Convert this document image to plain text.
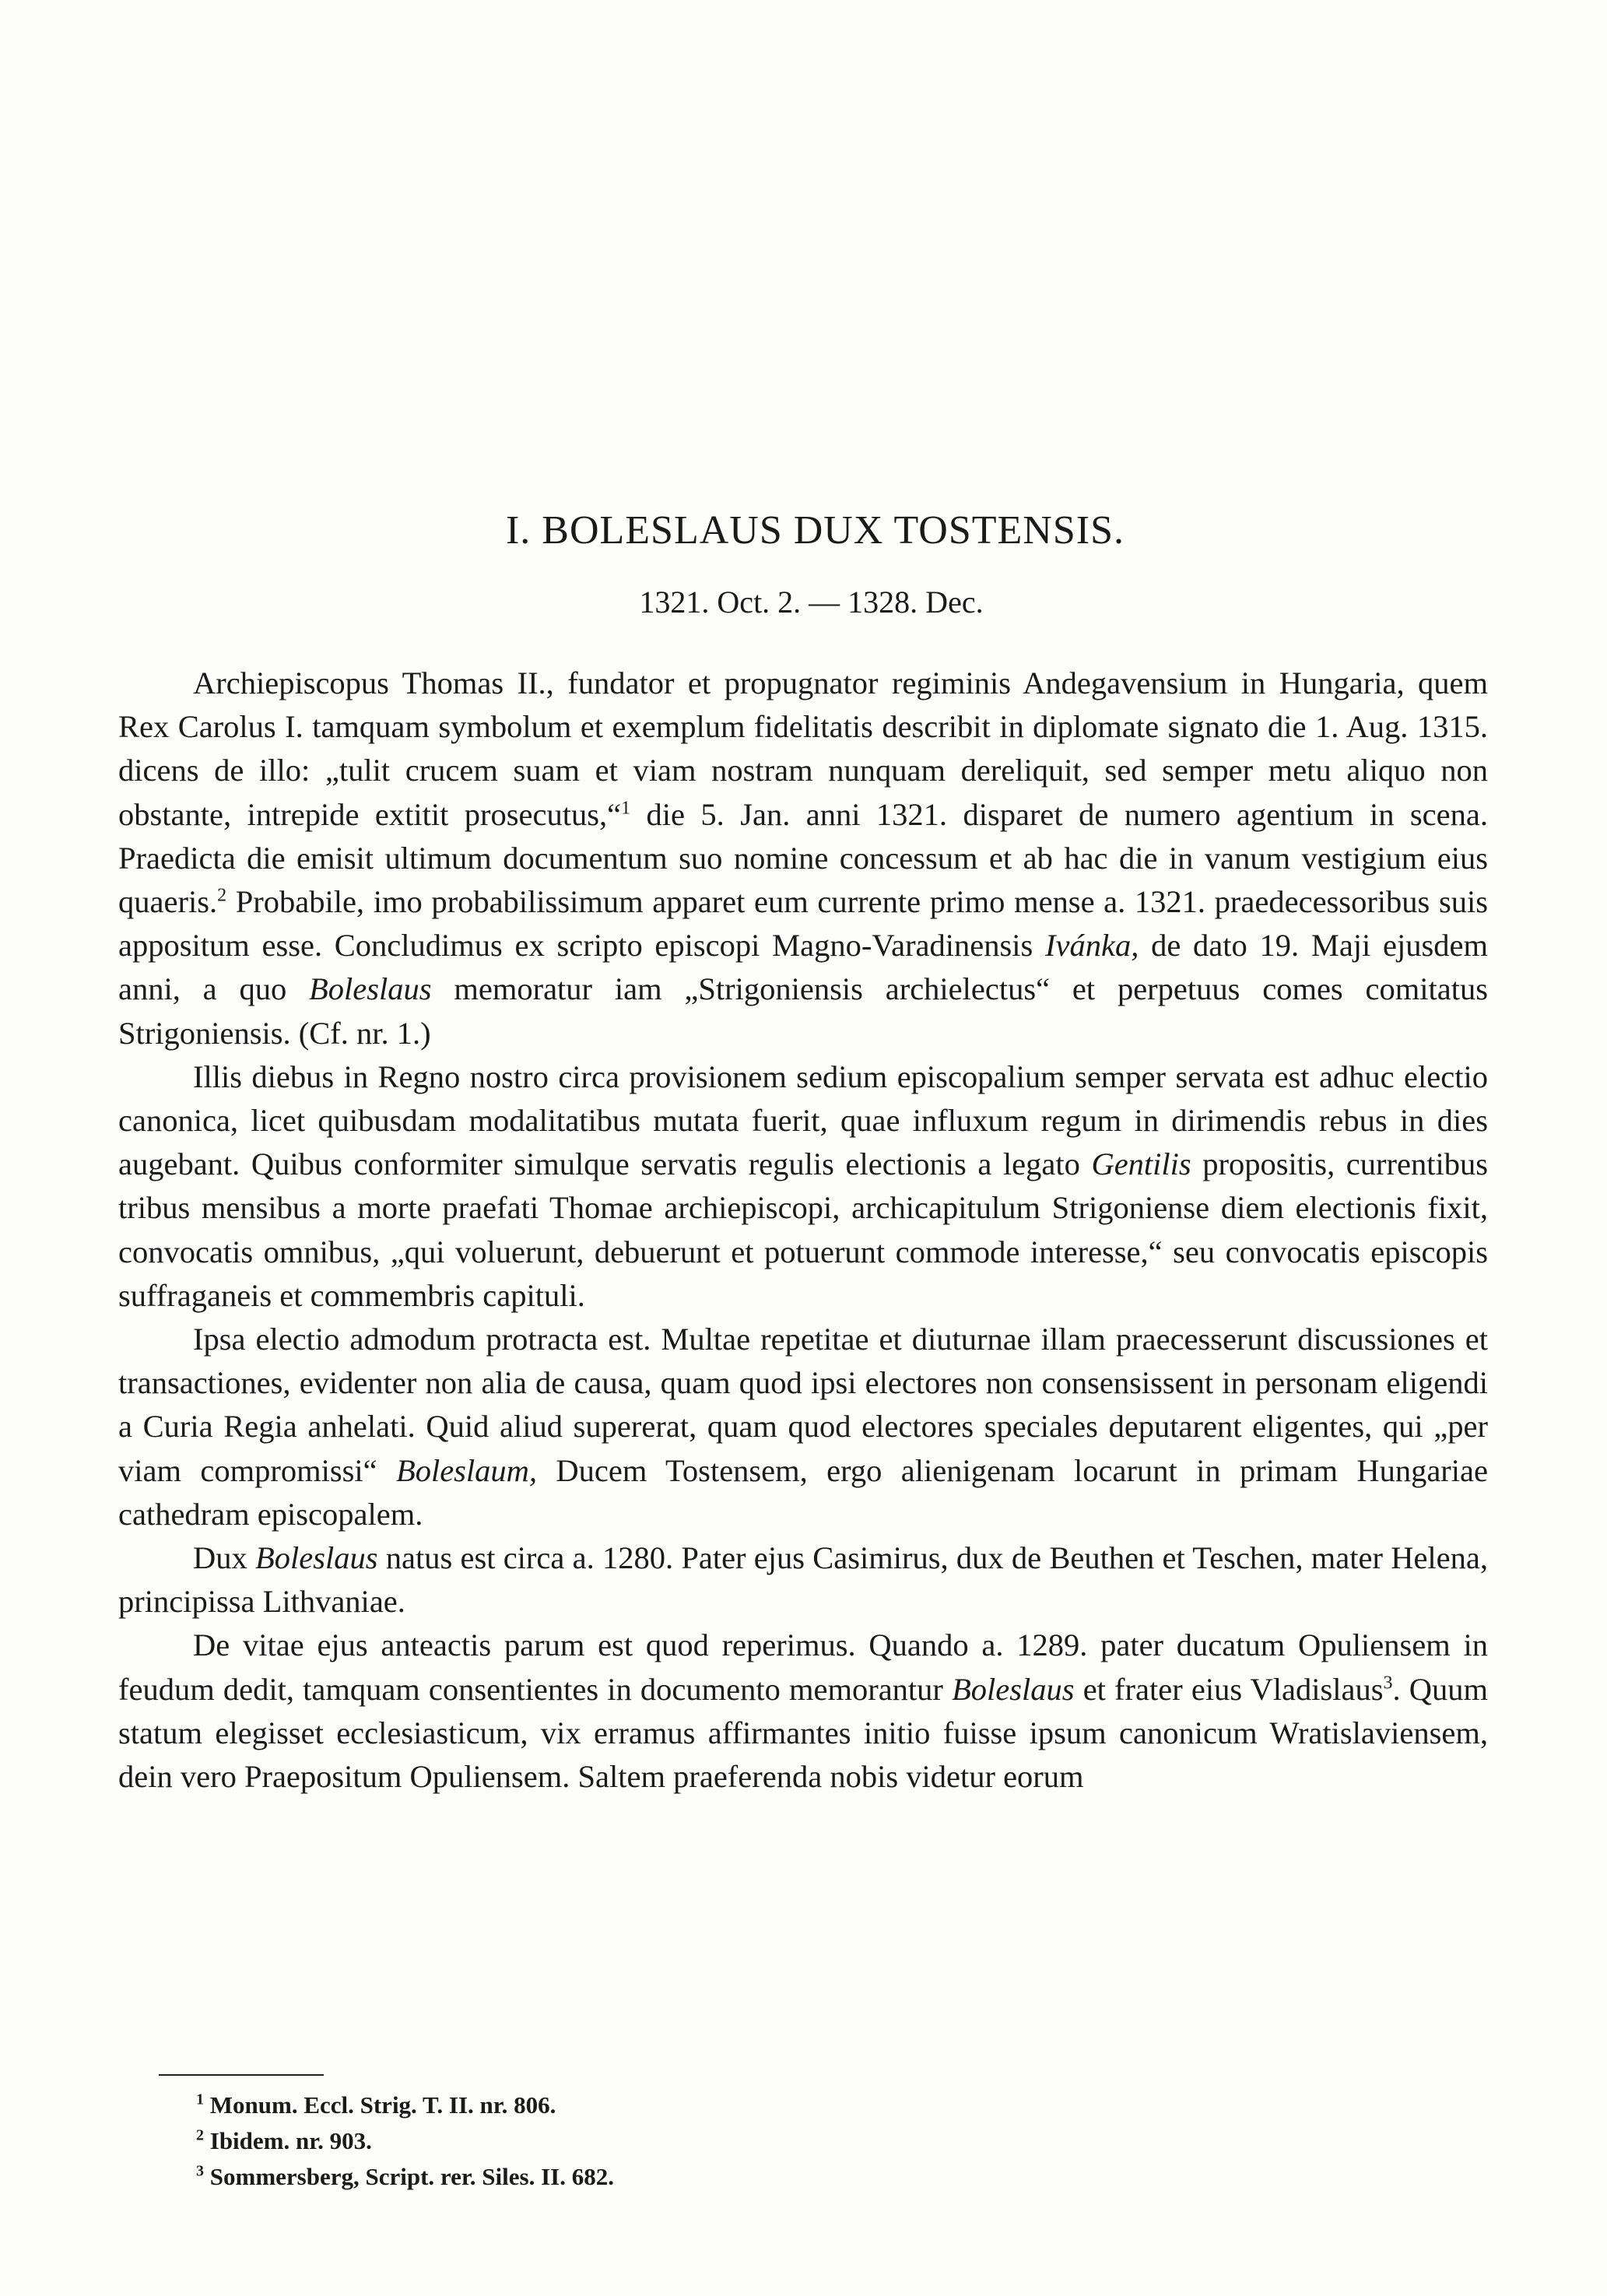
I. BOLESLAUS DUX TOSTENSIS.
1321. Oct. 2. — 1328. Dec.

Archiepiscopus Thomas II., fundator et propugnator regiminis Andegavensium in Hungaria, quem Rex Carolus I. tamquam symbolum et exemplum fidelitatis describit in diplomate signato die 1. Aug. 1315. dicens de illo: „tulit crucem suam et viam nostram nunquam dereliquit, sed semper metu aliquo non obstante, intrepide extitit prosecutus,“$^1$ die 5. Jan. anni 1321. disparet de numero agentium in scena. Praedicta die emisit ultimum documentum suo nomine concessum et ab hac die in vanum vestigium eius quaeris.$^2$ Probabile, imo probabilissimum apparet eum currente primo mense a. 1321. praedecessoribus suis appositum esse. Concludimus ex scripto episcopi Magno-Varadinensis Ivánka, de dato 19. Maji ejusdem anni, a quo Boleslaus memoratur iam „Strigoniensis archielectus“ et perpetuus comes comitatus Strigoniensis. (Cf. nr. 1.)

Illis diebus in Regno nostro circa provisionem sedium episcopalium semper servata est adhuc electio canonica, licet quibusdam modalitatibus mutata fuerit, quae influxum regum in dirimendis rebus in dies augebant. Quibus conformiter simulque servatis regulis electionis a legato Gentilis propositis, currentibus tribus mensibus a morte praefati Thomae archiepiscopi, archicapitulum Strigoniense diem electionis fixit, convocatis omnibus, „qui voluerunt, debuerunt et potuerunt commode interesse,“ seu convocatis episcopis suffraganeis et commembris capituli.

Ipsa electio admodum protracta est. Multae repetitae et diuturnae illam praecesserunt discussiones et transactiones, evidenter non alia de causa, quam quod ipsi electores non consensissent in personam eligendi a Curia Regia anhelati. Quid aliud supererat, quam quod electores speciales deputarent eligentes, qui „per viam compromissi“ Boleslaum, Ducem Tostensem, ergo alienigenam locarunt in primam Hungariae cathedram episcopalem.

Dux Boleslaus natus est circa a. 1280. Pater ejus Casimirus, dux de Beuthen et Teschen, mater Helena, principissa Lithvaniae.

De vitae ejus anteactis parum est quod reperimus. Quando a. 1289. pater ducatum Opuliensem in feudum dedit, tamquam consentientes in documento memorantur Boleslaus et frater eius Vladislaus$^3$. Quum statum elegisset ecclesiasticum, vix erramus affirmantes initio fuisse ipsum canonicum Wratislaviensem, dein vero Praepositum Opuliensem. Saltem praeferenda nobis videtur eorum

$^1$ Monum. Eccl. Strig. T. II. nr. 806.

$^2$ Ibidem. nr. 903.

$^3$ Sommersberg, Script. rer. Siles. II. 682.
